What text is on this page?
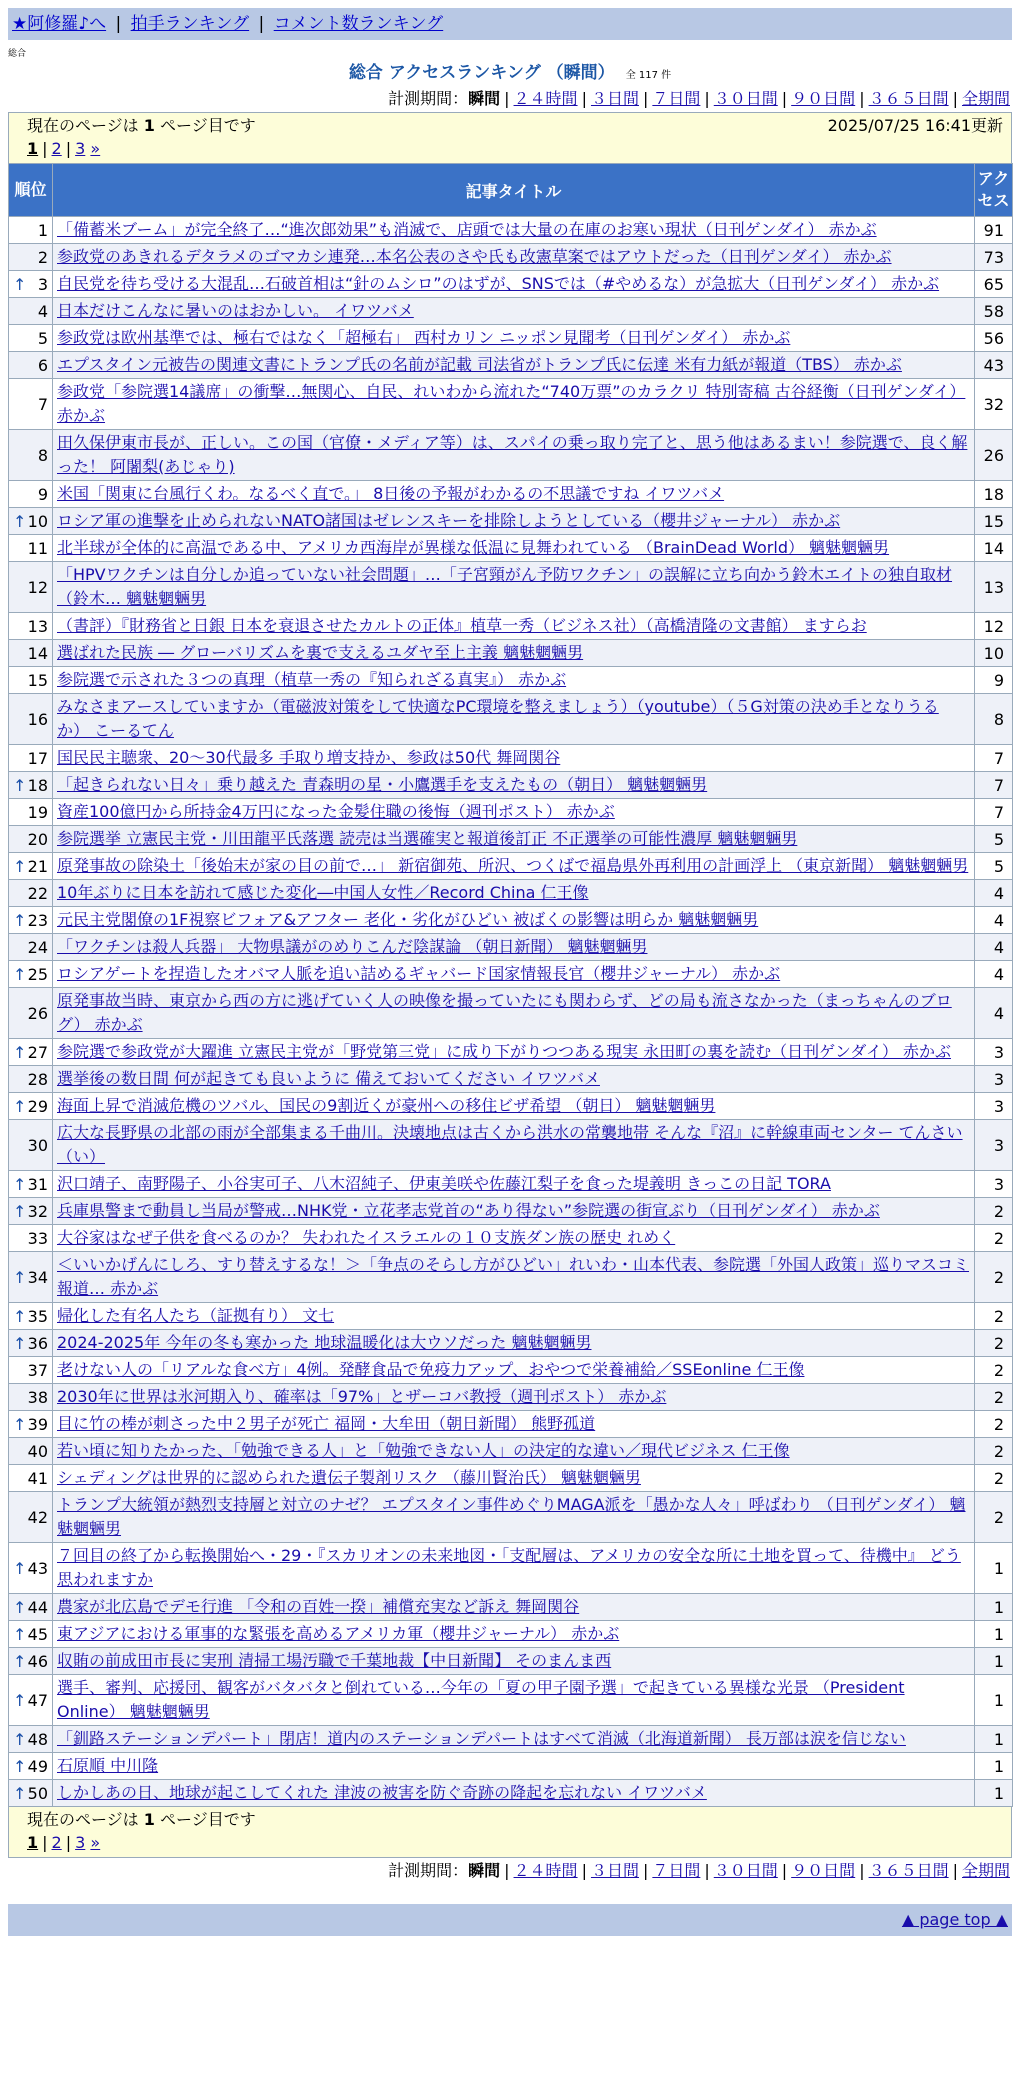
★阿修羅♪へ | 拍手ランキング | コメント数ランキング
総合
総合 アクセスランキング （瞬間） 全 117 件
計測期間：瞬間 | ２４時間 | ３日間 | ７日間 | ３０日間 | ９０日間 | ３６５日間 | 全期間
現在のページは 1 ページ目です	2025/07/25 16:41更新
1 | 2 | 3 »
順位	記事タイトル	アクセス
1	「備蓄米ブーム」が完全終了…“進次郎効果”も消滅で、店頭では大量の在庫のお寒い現状（日刊ゲンダイ） 赤かぶ	91
2	参政党のあきれるデタラメのゴマカシ連発…本名公表のさや氏も改憲草案ではアウトだった（日刊ゲンダイ） 赤かぶ	73

↑ 3	自民党を待ち受ける大混乱…石破首相は“針のムシロ”のはずが、SNSでは（#やめるな）が急拡大（日刊ゲンダイ） 赤かぶ	65
4	日本だけこんなに暑いのはおかしい。 イワツバメ	58
5	参政党は欧州基準では、極右ではなく「超極右」 西村カリン ニッポン見聞考（日刊ゲンダイ） 赤かぶ	56
6	エプスタイン元被告の関連文書にトランプ氏の名前が記載 司法省がトランプ氏に伝達 米有力紙が報道（TBS） 赤かぶ	43
7	参政党「参院選14議席」の衝撃…無関心、自民、れいわから流れた“740万票”のカラクリ 特別寄稿 古谷経衡（日刊ゲンダイ） 赤かぶ	32
8	田久保伊東市長が、正しい。この国（官僚・メディア等）は、スパイの乗っ取り完了と、思う他はあるまい！参院選で、良く解った！ 阿闍梨(あじゃり)	26
9	米国「関東に台風行くわ。なるべく直で。」 8日後の予報がわかるの不思議ですね イワツバメ	18

↑ 10	ロシア軍の進撃を止められないNATO諸国はゼレンスキーを排除しようとしている（櫻井ジャーナル） 赤かぶ	15
11	北半球が全体的に高温である中、アメリカ西海岸が異様な低温に見舞われている （BrainDead World） 魑魅魍魎男	14
12	「HPVワクチンは自分しか追っていない社会問題」…「子宮頸がん予防ワクチン」の誤解に立ち向かう鈴木エイトの独自取材（鈴木… 魑魅魍魎男	13
13	（書評）『財務省と日銀 日本を衰退させたカルトの正体』植草一秀（ビジネス社）（高橋清隆の文書館） ますらお	12
14	選ばれた民族 ― グローバリズムを裏で支えるユダヤ至上主義 魑魅魍魎男	10
15	参院選で示された３つの真理（植草一秀の『知られざる真実』） 赤かぶ	9
16	みなさまアースしていますか（電磁波対策をして快適なPC環境を整えましょう）（youtube）（５G対策の決め手となりうるか） こーるてん	8
17	国民民主聴衆、20～30代最多 手取り増支持か、参政は50代 舞岡関谷	7

↑ 18	「起きられない日々」乗り越えた 青森明の星・小鷹選手を支えたもの（朝日） 魑魅魍魎男	7
19	資産100億円から所持金4万円になった金髪住職の後悔（週刊ポスト） 赤かぶ	7
20	参院選挙 立憲民主党・川田龍平氏落選 読売は当選確実と報道後訂正 不正選挙の可能性濃厚 魑魅魍魎男	5

↑ 21	原発事故の除染土「後始末が家の目の前で…」 新宿御苑、所沢、つくばで福島県外再利用の計画浮上 （東京新聞） 魑魅魍魎男	5
22	10年ぶりに日本を訪れて感じた変化―中国人女性／Record China 仁王像	4

↑ 23	元民主党閣僚の1F視察ビフォア&アフター 老化・劣化がひどい 被ばくの影響は明らか 魑魅魍魎男	4
24	「ワクチンは殺人兵器」 大物県議がのめりこんだ陰謀論 （朝日新聞） 魑魅魍魎男	4

↑ 25	ロシアゲートを捏造したオバマ人脈を追い詰めるギャバード国家情報長官（櫻井ジャーナル） 赤かぶ	4
26	原発事故当時、東京から西の方に逃げていく人の映像を撮っていたにも関わらず、どの局も流さなかった（まっちゃんのブログ） 赤かぶ	4

↑ 27	参院選で参政党が大躍進 立憲民主党が「野党第三党」に成り下がりつつある現実 永田町の裏を読む（日刊ゲンダイ） 赤かぶ	3
28	選挙後の数日間 何が起きても良いように 備えておいてください イワツバメ	3

↑ 29	海面上昇で消滅危機のツバル、国民の9割近くが豪州への移住ビザ希望 （朝日） 魑魅魍魎男	3
30	広大な長野県の北部の雨が全部集まる千曲川。決壊地点は古くから洪水の常襲地帯 そんな『沼』に幹線車両センター てんさい（い）	3

↑ 31	沢口靖子、南野陽子、小谷実可子、八木沼純子、伊東美咲や佐藤江梨子を食った堤義明 きっこの日記 TORA	3

↑ 32	兵庫県警まで動員し当局が警戒…NHK党・立花孝志党首の“あり得ない”参院選の街宣ぶり（日刊ゲンダイ） 赤かぶ	2
33	大谷家はなぜ子供を食べるのか？ 失われたイスラエルの１０支族ダン族の歴史 れめく	2

↑ 34	＜いいかげんにしろ、すり替えするな！＞「争点のそらし方がひどい」れいわ・山本代表、参院選「外国人政策」巡りマスコミ報道… 赤かぶ	2

↑ 35	帰化した有名人たち（証拠有り） 文七	2

↑ 36	2024-2025年 今年の冬も寒かった 地球温暖化は大ウソだった 魑魅魍魎男	2
37	老けない人の「リアルな食べ方」4例。発酵食品で免疫力アップ、おやつで栄養補給／SSEonline 仁王像	2
38	2030年に世界は氷河期入り、確率は「97%」とザーコバ教授（週刊ポスト） 赤かぶ	2

↑ 39	目に竹の棒が刺さった中２男子が死亡 福岡・大牟田（朝日新聞） 熊野孤道	2
40	若い頃に知りたかった、「勉強できる人」と「勉強できない人」の決定的な違い／現代ビジネス 仁王像	2
41	シェディングは世界的に認められた遺伝子製剤リスク （藤川賢治氏） 魑魅魍魎男	2
42	トランプ大統領が熱烈支持層と対立のナゼ？ エプスタイン事件めぐりMAGA派を「愚かな人々」呼ばわり （日刊ゲンダイ） 魑魅魍魎男	2

↑ 43	７回目の終了から転換開始へ・29・『スカリオンの未来地図・「支配層は、アメリカの安全な所に土地を買って、待機中』 どう思われますか	1

↑ 44	農家が北広島でデモ行進 「令和の百姓一揆」補償充実など訴え 舞岡関谷	1

↑ 45	東アジアにおける軍事的な緊張を高めるアメリカ軍（櫻井ジャーナル） 赤かぶ	1

↑ 46	収賄の前成田市長に実刑 清掃工場汚職で千葉地裁【中日新聞】 そのまんま西	1

↑ 47	選手、審判、応援団、観客がバタバタと倒れている…今年の「夏の甲子園予選」で起きている異様な光景 （President Online） 魑魅魍魎男	1

↑ 48	「釧路ステーションデパート」閉店！道内のステーションデパートはすべて消滅（北海道新聞） 長万部は涙を信じない	1

↑ 49	石原順 中川隆	1

↑ 50	しかしあの日、地球が起こしてくれた 津波の被害を防ぐ奇跡の降起を忘れない イワツバメ	1
現在のページは 1 ページ目です
1 | 2 | 3 »
計測期間：瞬間 | ２４時間 | ３日間 | ７日間 | ３０日間 | ９０日間 | ３６５日間 | 全期間
▲ page top ▲
